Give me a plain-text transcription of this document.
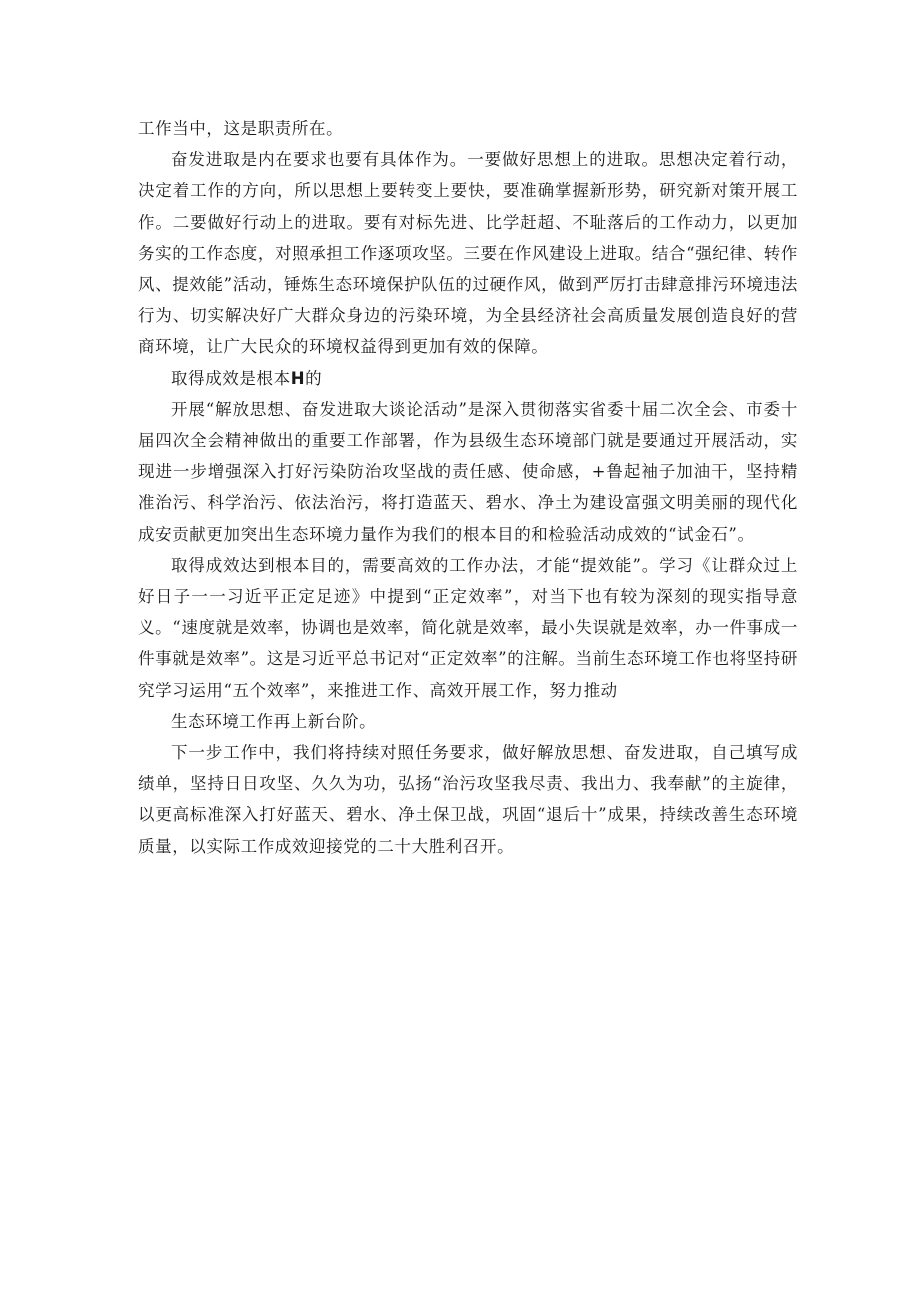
工作当中，这是职责所在。

奋发进取是内在要求也要有具体作为。一要做好思想上的进取。思想决定着行动，决定着工作的方向，所以思想上要转变上要快，要准确掌握新形势，研究新对策开展工作。二要做好行动上的进取。要有对标先进、比学赶超、不耻落后的工作动力，以更加务实的工作态度，对照承担工作逐项攻坚。三要在作风建设上进取。结合“强纪律、转作风、提效能”活动，锤炼生态环境保护队伍的过硬作风，做到严厉打击肆意排污环境违法行为、切实解决好广大群众身边的污染环境，为全县经济社会高质量发展创造良好的营商环境，让广大民众的环境权益得到更加有效的保障。

取得成效是根本H的

开展“解放思想、奋发进取大谈论活动”是深入贯彻落实省委十届二次全会、市委十届四次全会精神做出的重要工作部署，作为县级生态环境部门就是要通过开展活动，实现进一步增强深入打好污染防治攻坚战的责任感、使命感，+鲁起袖子加油干，坚持精准治污、科学治污、依法治污，将打造蓝天、碧水、净土为建设富强文明美丽的现代化成安贡献更加突出生态环境力量作为我们的根本目的和检验活动成效的“试金石”。

取得成效达到根本目的，需要高效的工作办法，才能“提效能”。学习《让群众过上好日子一一习近平正定足迹》中提到“正定效率”，对当下也有较为深刻的现实指导意义。“速度就是效率，协调也是效率，简化就是效率，最小失误就是效率，办一件事成一件事就是效率”。这是习近平总书记对“正定效率”的注解。当前生态环境工作也将坚持研究学习运用“五个效率”，来推进工作、高效开展工作，努力推动

生态环境工作再上新台阶。

下一步工作中，我们将持续对照任务要求，做好解放思想、奋发进取，自己填写成绩单，坚持日日攻坚、久久为功，弘扬“治污攻坚我尽责、我出力、我奉献”的主旋律，以更高标准深入打好蓝天、碧水、净土保卫战，巩固“退后十”成果，持续改善生态环境质量，以实际工作成效迎接党的二十大胜利召开。
